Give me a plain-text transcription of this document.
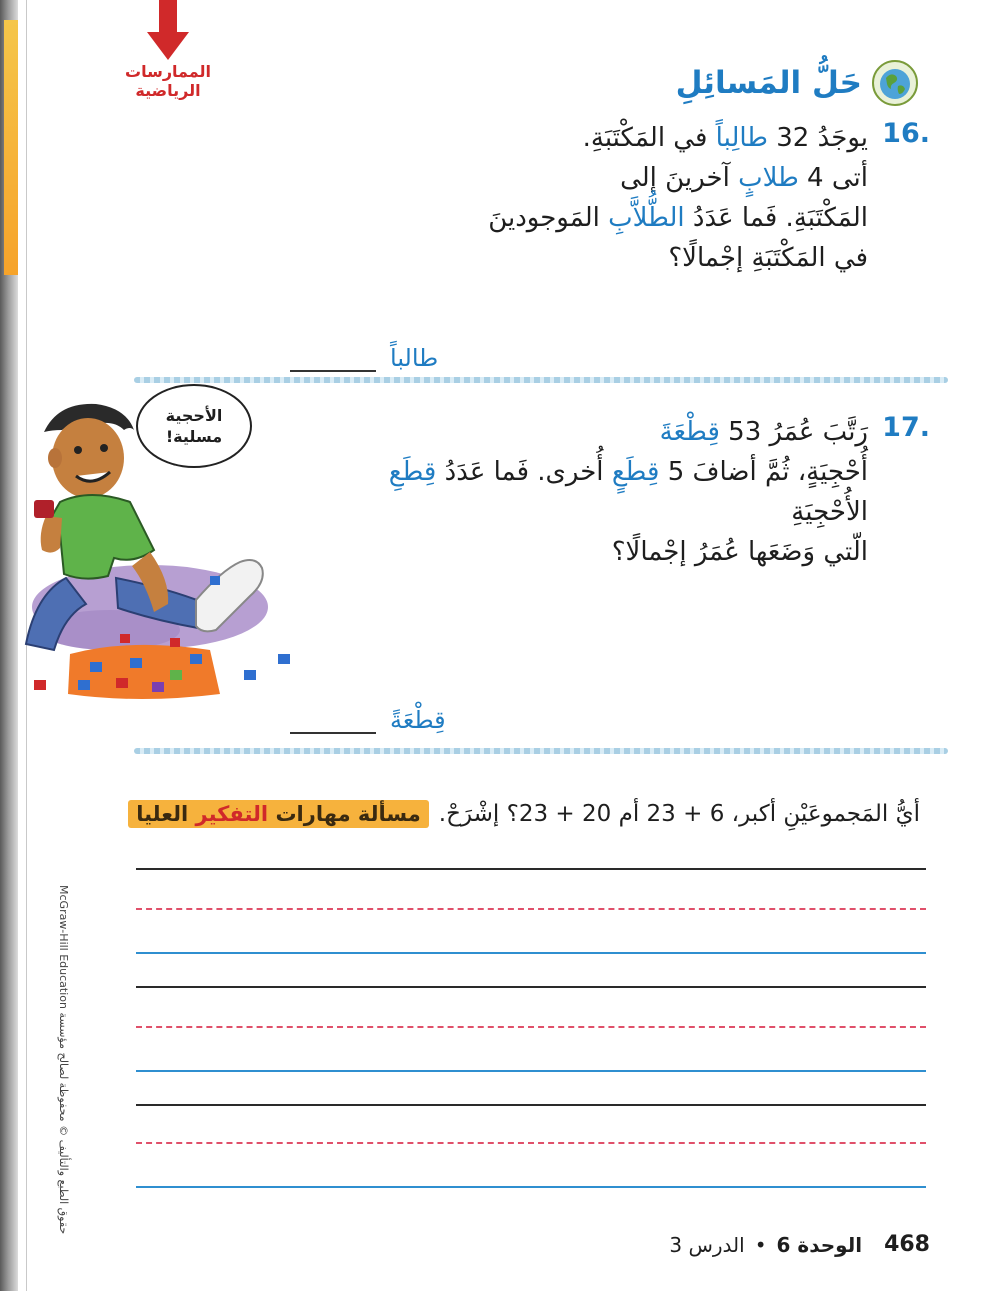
الممارسات
الرياضية	حَلُّ المَسائِلِ
16.
يوجَدُ 32 طالِباً في المَكْتَبَةِ.
أتى 4 طلابٍ آخرينَ إلى
المَكْتَبَةِ. فَما عَدَدُ الطُّلاَّبِ المَوجودينَ
في المَكْتَبَةِ إجْمالًا؟
طالباً
الأحجية
مسلية!	17.
رَتَّبَ عُمَرُ 53 قِطْعَةَ
أُحْجِيَةٍ، ثُمَّ أضافَ 5 قِطَعٍ أُخرى. فَما عَدَدُ قِطَعِ
الأُحْجِيَةِ
الّتي وَضَعَها عُمَرُ إجْمالًا؟
قِطْعَةً
مسألة مهارات التفكير العليا	أيُّ المَجموعَيْنِ أكبر، 6 + 23 أم 20 + 23؟ إشْرَحْ.
حقوق الطبع والتأليف © محفوظة لصالح مؤسسة McGraw-Hill Education
468
الوحدة 6
•
الدرس 3
